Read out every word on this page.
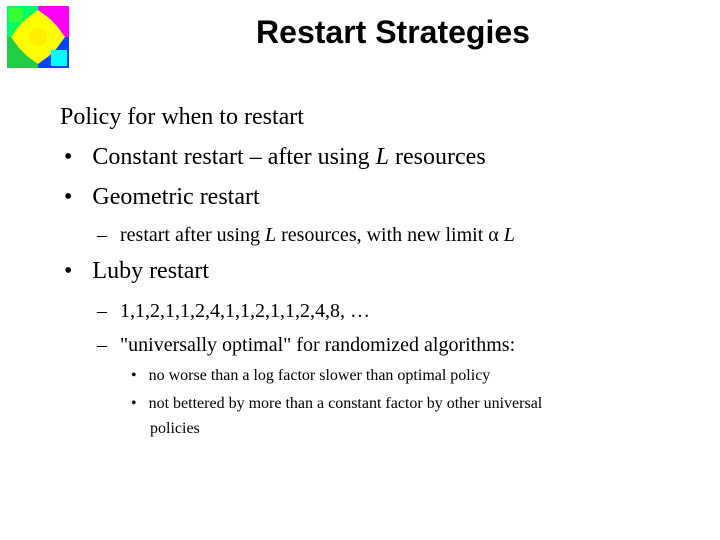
Restart Strategies
Policy for when to restart
• Constant restart – after using L resources
• Geometric restart
– restart after using L resources, with new limit α L
• Luby restart
– 1,1,2,1,1,2,4,1,1,2,1,1,2,4,8, …
– "universally optimal" for randomized algorithms:
• no worse than a log factor slower than optimal policy
• not bettered by more than a constant factor by other universal
policies
